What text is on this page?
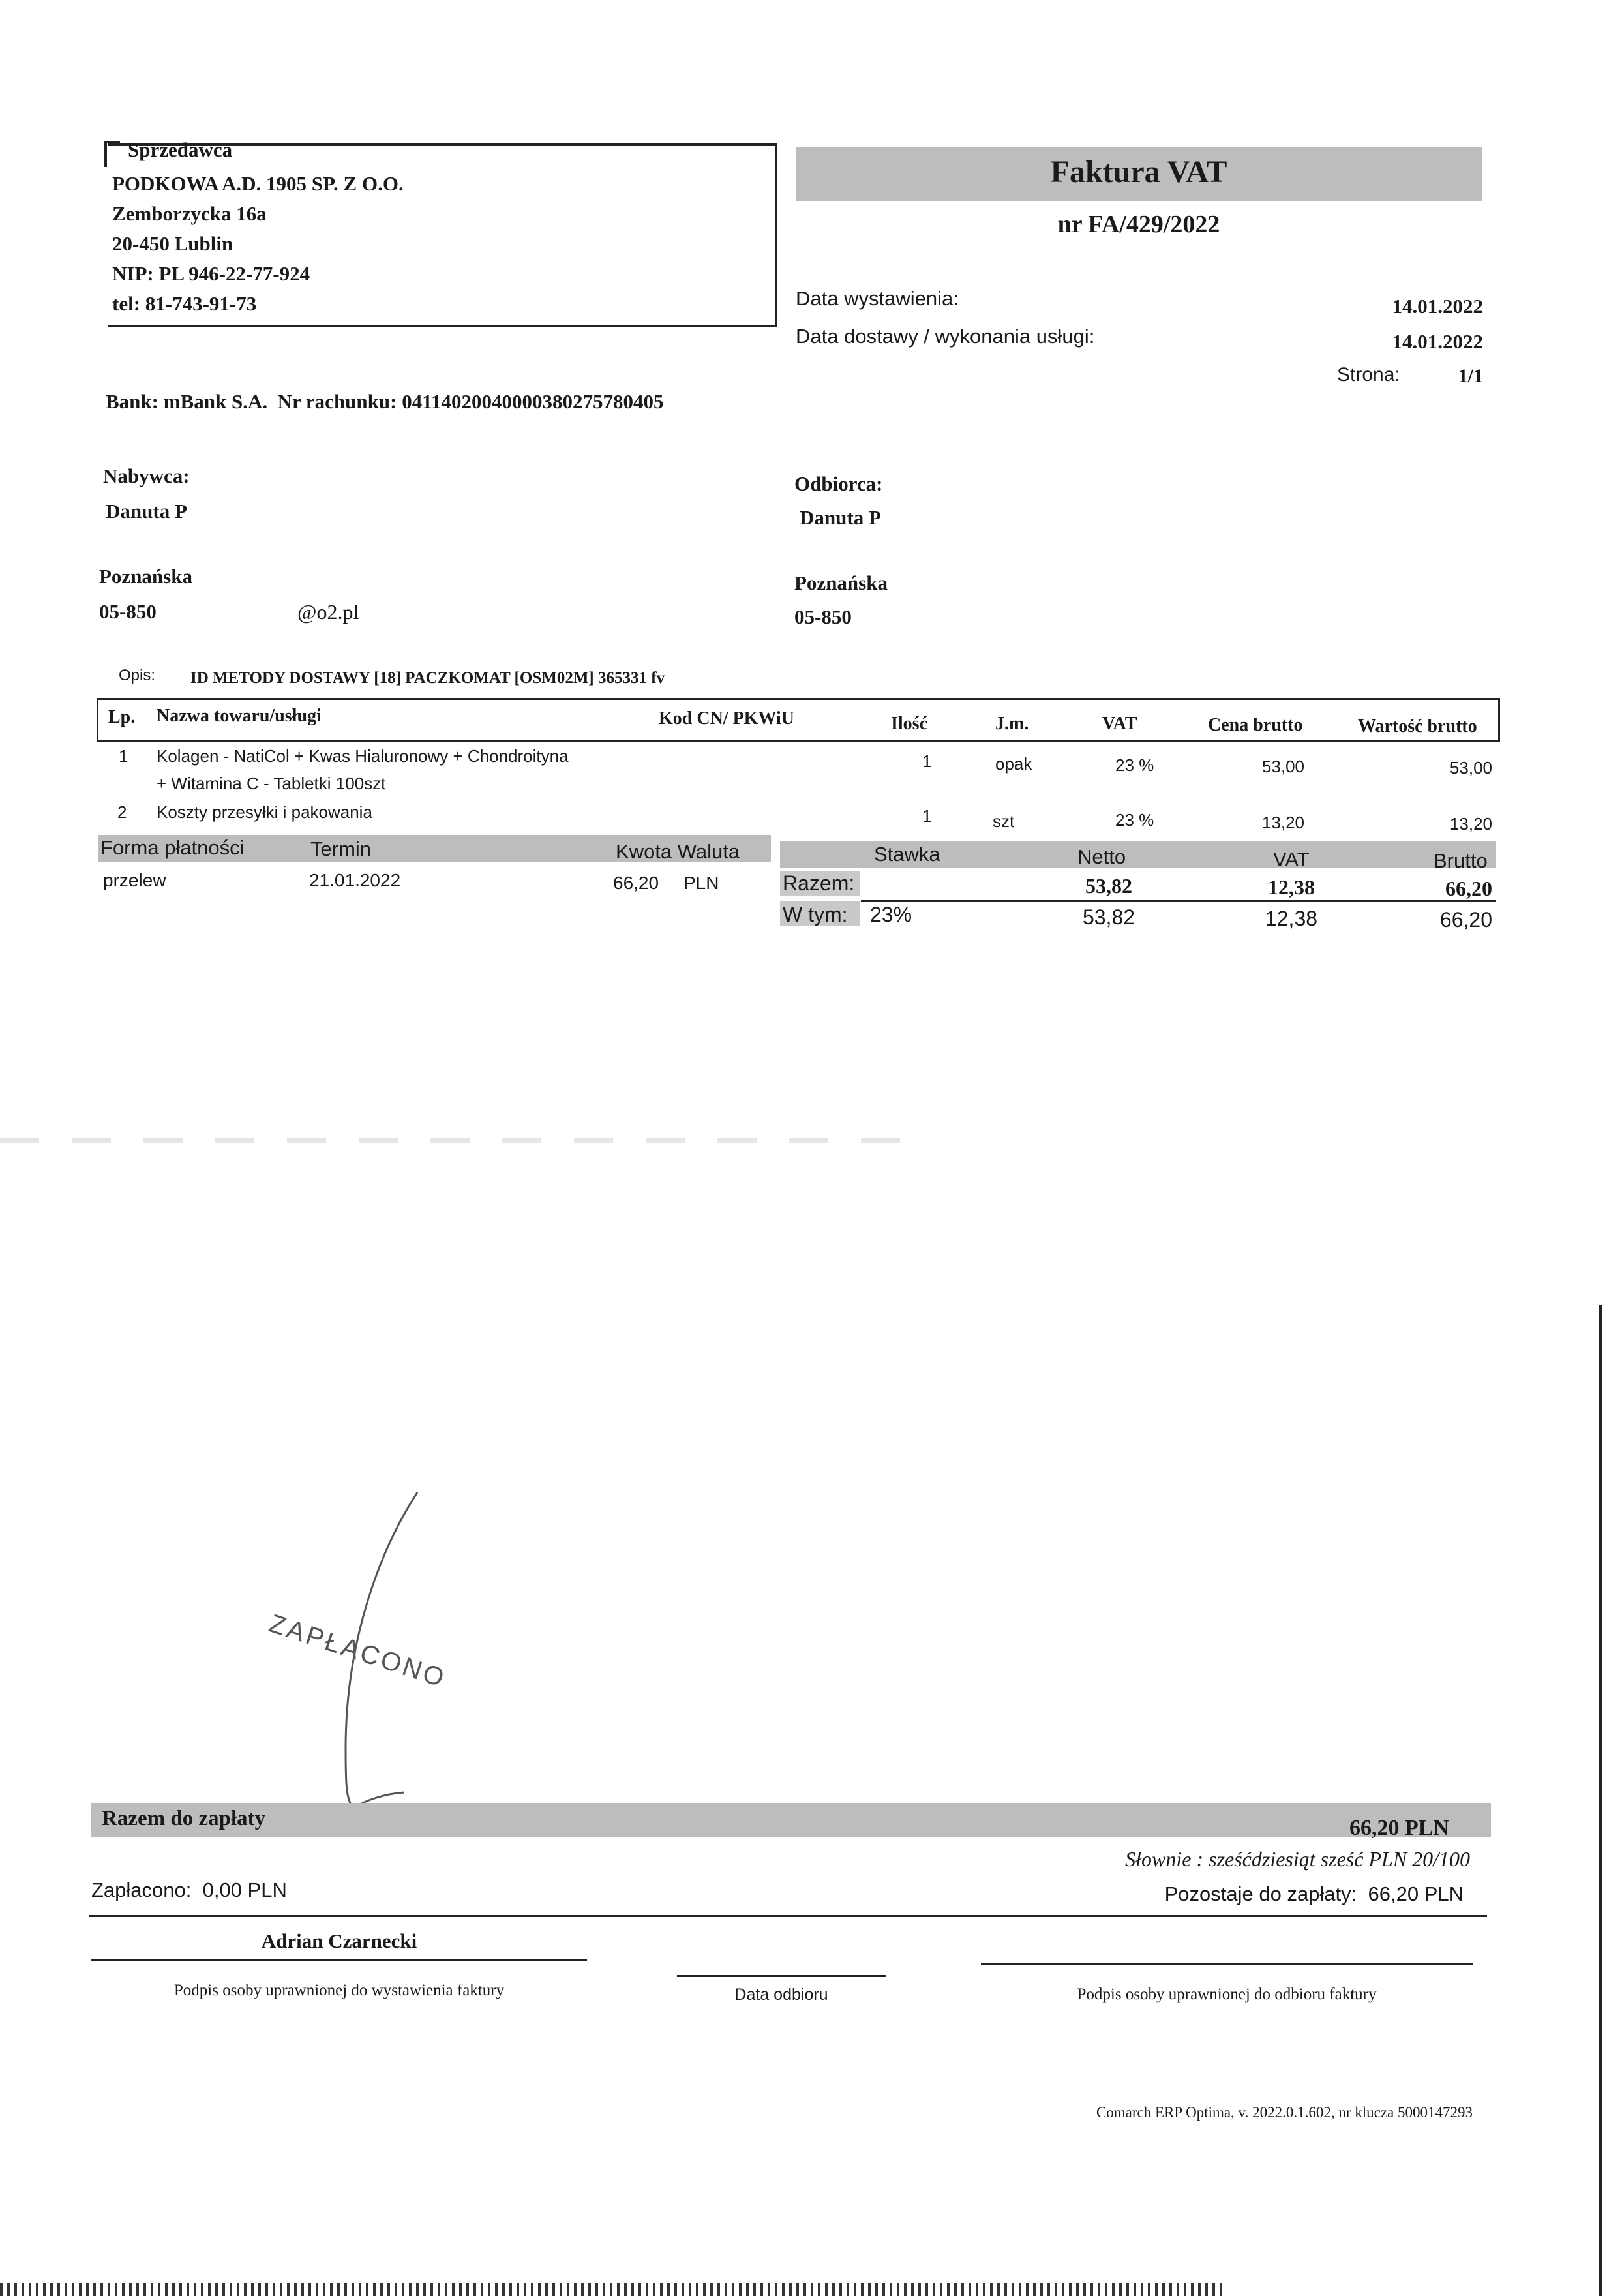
Sprzedawca
PODKOWA A.D. 1905 SP. Z O.O.
Zemborzycka 16a
20-450 Lublin
NIP: PL 946-22-77-924
tel: 81-743-91-73
Faktura VAT
nr FA/429/2022
Data wystawienia:	14.01.2022
Data dostawy / wykonania usługi:	14.01.2022
Strona:	1/1
Bank: mBank S.A.  Nr rachunku: 04114020040000380275780405
Nabywca:
Danuta P
Poznańska
05-850	@o2.pl
Odbiorca:
Danuta P
Poznańska
05-850
Opis: ID METODY DOSTAWY [18] PACZKOMAT [OSM02M] 365331 fv
Lp. Nazwa towaru/usługi	Kod CN/ PKWiU	Ilość	J.m.	VAT	Cena brutto	Wartość brutto
1 Kolagen - NatiCol + Kwas Hialuronowy + Chondroityna
+ Witamina C - Tabletki 100szt
1	opak	23 %	53,00	53,00
2 Koszty przesyłki i pakowania	1	szt	23 %	13,20	13,20
Forma płatności	Termin	Kwota Waluta	Stawka	Netto	VAT	Brutto
przelew	21.01.2022	66,20 PLN	Razem:	53,82	12,38	66,20
W tym: 23%	53,82	12,38	66,20
ZAPŁACONO
Razem do zapłaty	66,20 PLN
Słownie : sześćdziesiąt sześć PLN 20/100
Zapłacono:  0,00 PLN	Pozostaje do zapłaty:  66,20 PLN
Adrian Czarnecki
Podpis osoby uprawnionej do wystawienia faktury	Data odbioru	Podpis osoby uprawnionej do odbioru faktury
Comarch ERP Optima, v. 2022.0.1.602, nr klucza 5000147293
